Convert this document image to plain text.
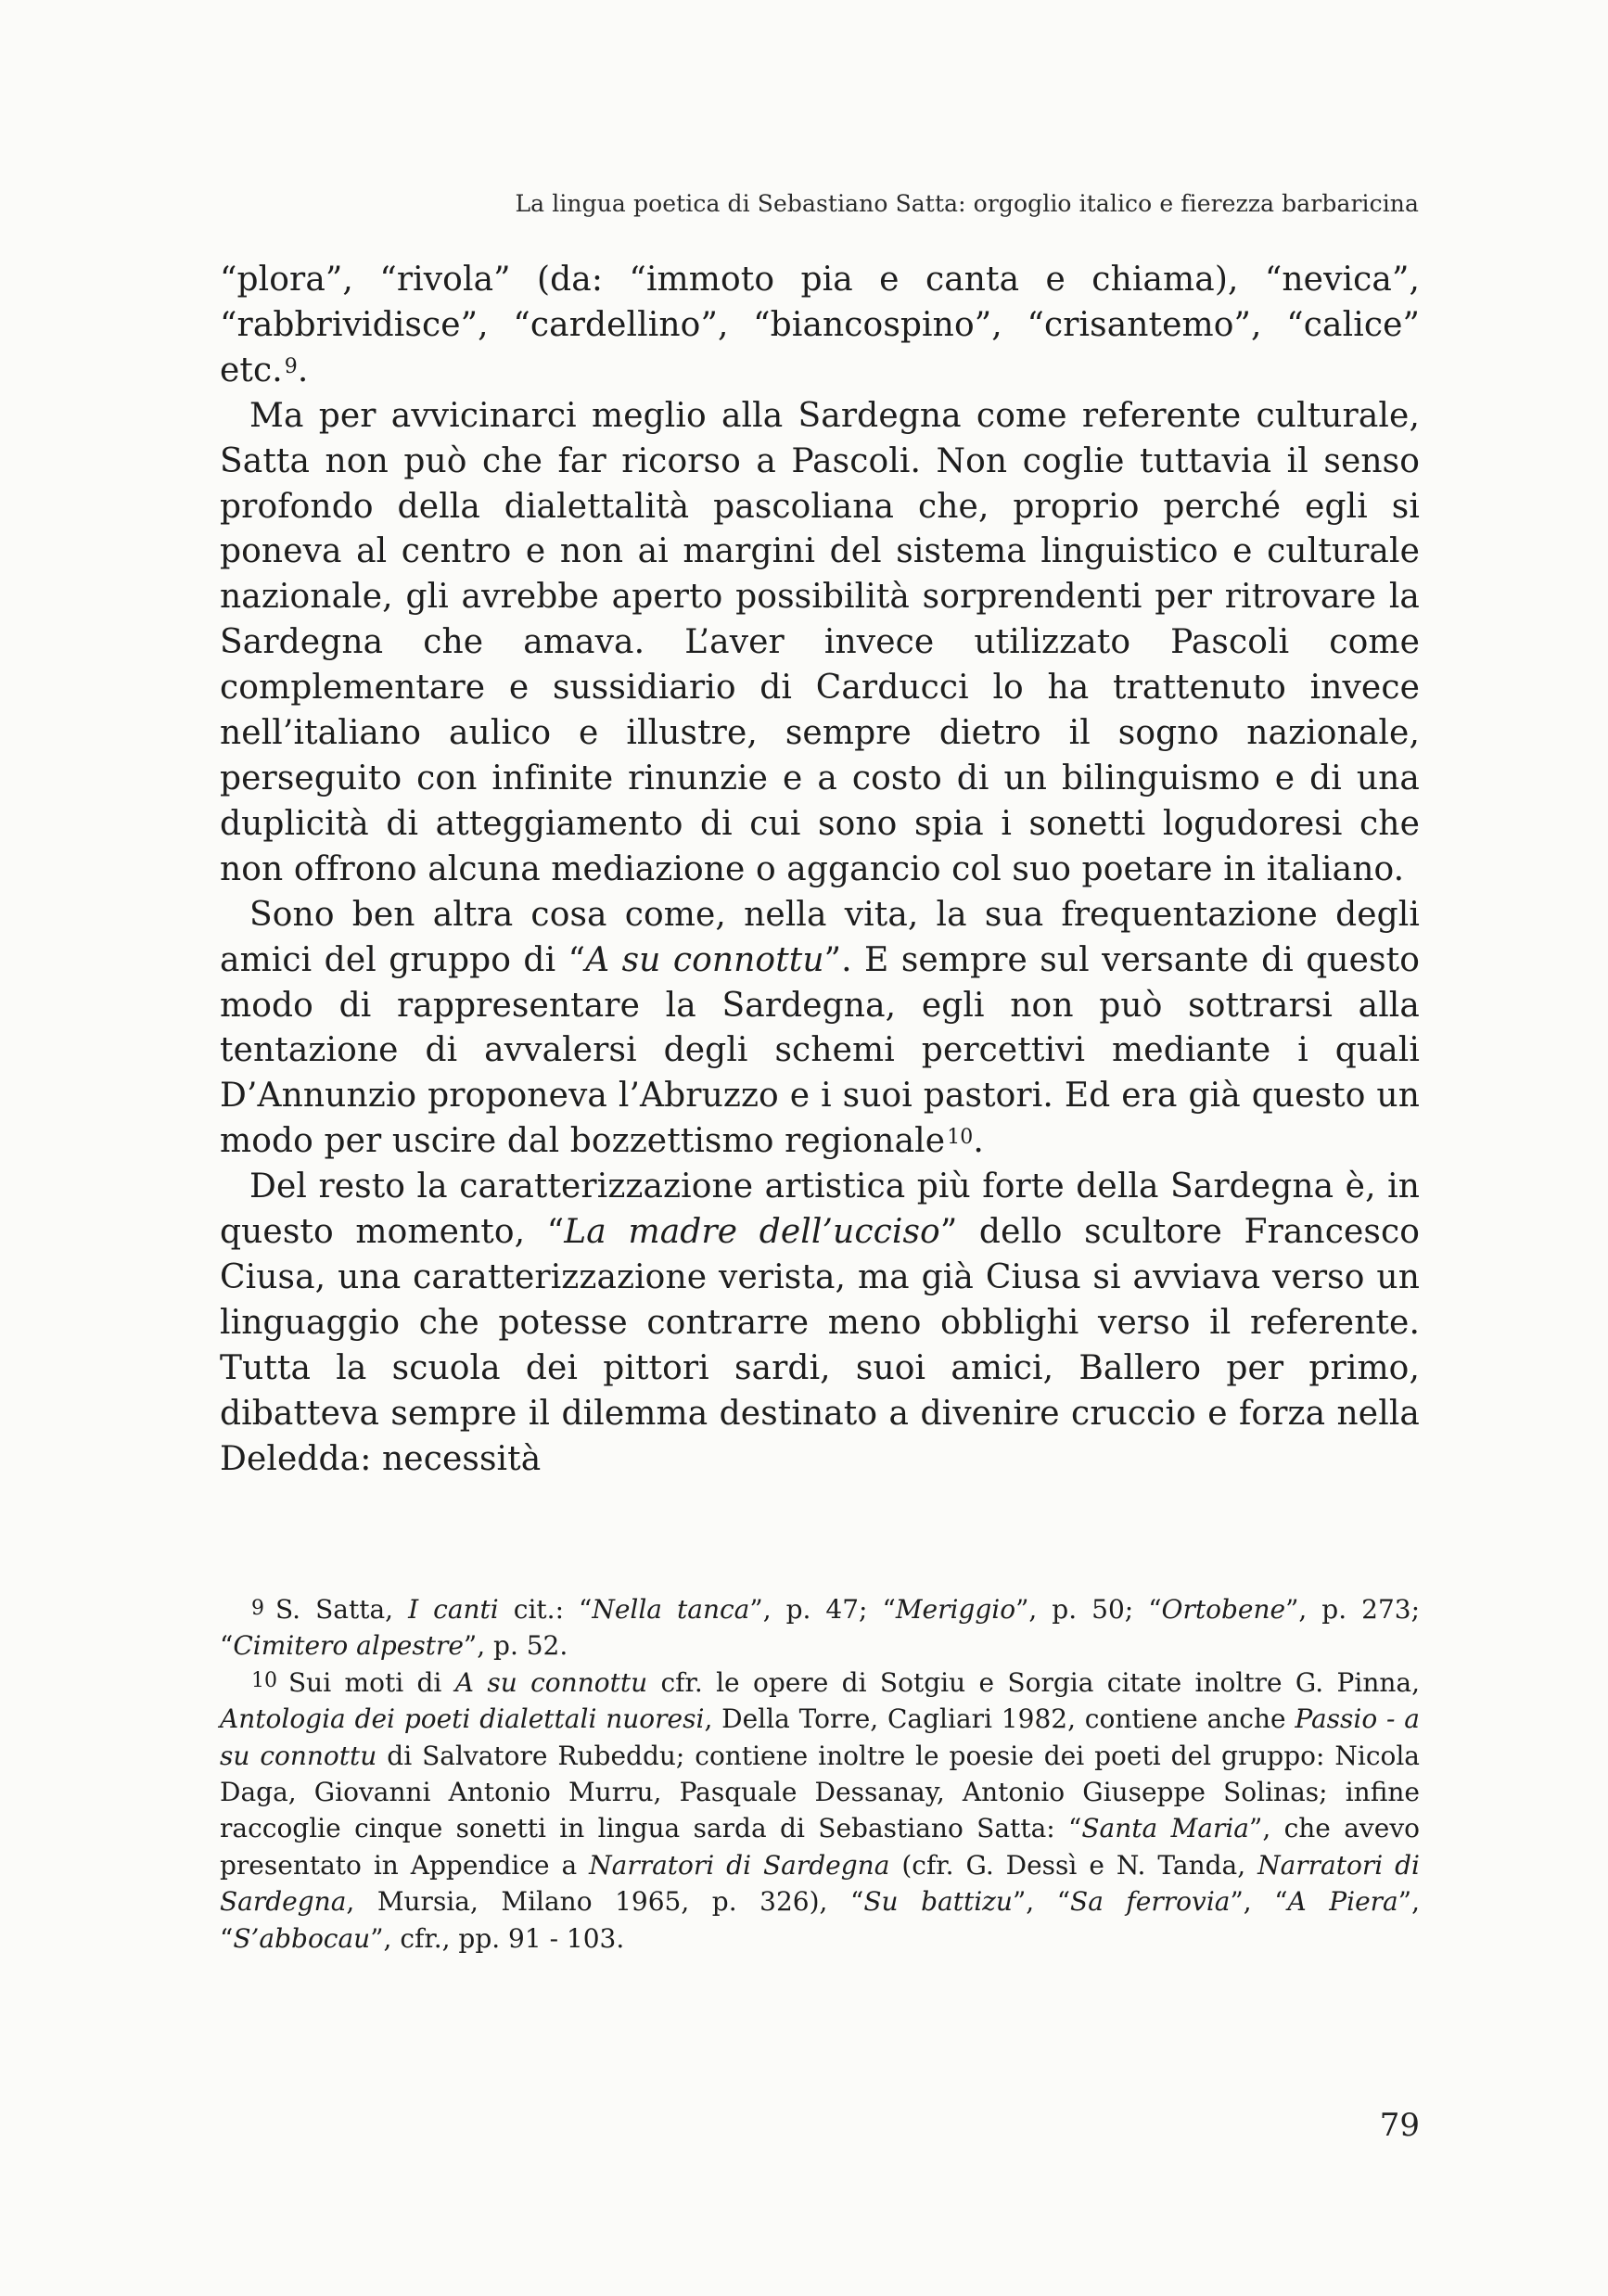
La lingua poetica di Sebastiano Satta: orgoglio italico e fierezza barbaricina

“plora”, “rivola” (da: “immoto pia e canta e chiama), “nevica”, “rabbrividisce”, “cardellino”, “biancospino”, “crisantemo”, “calice” etc.$^9$.

Ma per avvicinarci meglio alla Sardegna come referente culturale, Satta non può che far ricorso a Pascoli. Non coglie tuttavia il senso profondo della dialettalità pascoliana che, proprio perché egli si poneva al centro e non ai margini del sistema linguistico e culturale nazionale, gli avrebbe aperto possibilità sorprendenti per ritrovare la Sardegna che amava. L’aver invece utilizzato Pascoli come complementare e sussidiario di Carducci lo ha trattenuto invece nell’italiano aulico e illustre, sempre dietro il sogno nazionale, perseguito con infinite rinunzie e a costo di un bilinguismo e di una duplicità di atteggiamento di cui sono spia i sonetti logudoresi che non offrono alcuna mediazione o aggancio col suo poetare in italiano.

Sono ben altra cosa come, nella vita, la sua frequentazione degli amici del gruppo di “A su connottu”. E sempre sul versante di questo modo di rappresentare la Sardegna, egli non può sottrarsi alla tentazione di avvalersi degli schemi percettivi mediante i quali D’Annunzio proponeva l’Abruzzo e i suoi pastori. Ed era già questo un modo per uscire dal bozzettismo regionale$^{10}$.

Del resto la caratterizzazione artistica più forte della Sardegna è, in questo momento, “La madre dell’ucciso” dello scultore Francesco Ciusa, una caratterizzazione verista, ma già Ciusa si avviava verso un linguaggio che potesse contrarre meno obblighi verso il referente. Tutta la scuola dei pittori sardi, suoi amici, Ballero per primo, dibatteva sempre il dilemma destinato a divenire cruccio e forza nella Deledda: necessità

$^9$ S. Satta, I canti cit.: “Nella tanca”, p. 47; “Meriggio”, p. 50; “Ortobene”, p. 273; “Cimitero alpestre”, p. 52.

$^{10}$ Sui moti di A su connottu cfr. le opere di Sotgiu e Sorgia citate inoltre G. Pinna, Antologia dei poeti dialettali nuoresi, Della Torre, Cagliari 1982, contiene anche Passio - a su connottu di Salvatore Rubeddu; contiene inoltre le poesie dei poeti del gruppo: Nicola Daga, Giovanni Antonio Murru, Pasquale Dessanay, Antonio Giuseppe Solinas; infine raccoglie cinque sonetti in lingua sarda di Sebastiano Satta: “Santa Maria”, che avevo presentato in Appendice a Narratori di Sardegna (cfr. G. Dessì e N. Tanda, Narratori di Sardegna, Mursia, Milano 1965, p. 326), “Su battizu”, “Sa ferrovia”, “A Piera”, “S’abbocau”, cfr., pp. 91 - 103.

79
